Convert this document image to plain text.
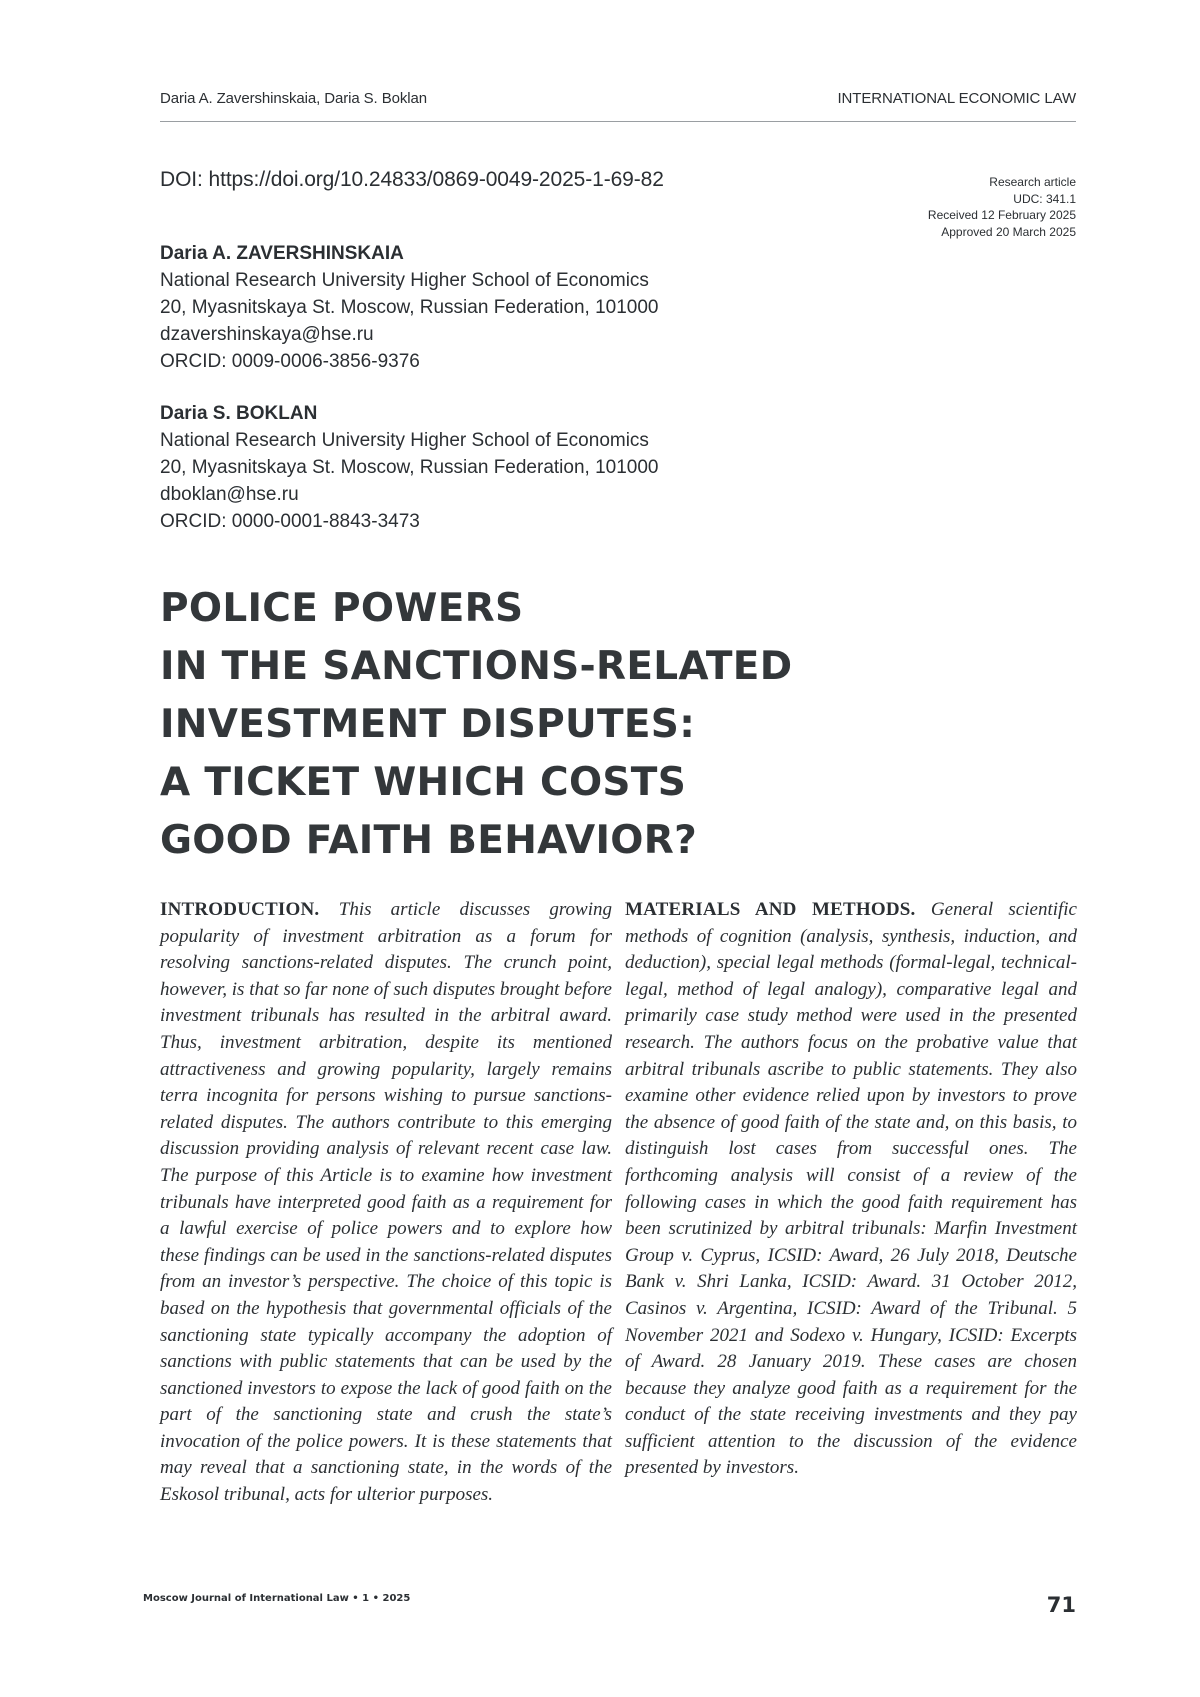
Daria A. Zavershinskaia, Daria S. Boklan	INTERNATIONAL ECONOMIC LAW
DOI: https://doi.org/10.24833/0869-0049-2025-1-69-82	Research article
UDC: 341.1
Received 12 February 2025
Approved 20 March 2025
Daria A. ZAVERSHINSKAIA
National Research University Higher School of Economics
20, Myasnitskaya St. Moscow, Russian Federation, 101000
dzavershinskaya@hse.ru
ORCID: 0009-0006-3856-9376
Daria S. BOKLAN
National Research University Higher School of Economics
20, Myasnitskaya St. Moscow, Russian Federation, 101000
dboklan@hse.ru
ORCID: 0000-0001-8843-3473
POLICE POWERS
IN THE SANCTIONS-RELATED
INVESTMENT DISPUTES:
A TICKET WHICH COSTS
GOOD FAITH BEHAVIOR?
INTRODUCTION. This article discusses growing popularity of investment arbitration as a forum for resolving sanctions-related disputes. The crunch point, however, is that so far none of such disputes brought before investment tribunals has resulted in the arbitral award. Thus, investment arbitration, despite its mentioned attractiveness and growing popularity, largely remains terra incognita for persons wishing to pursue sanctions-related disputes. The authors contribute to this emerging discussion providing analysis of relevant recent case law. The purpose of this Article is to examine how investment tribunals have interpreted good faith as a requirement for a lawful exercise of police powers and to explore how these findings can be used in the sanctions-related disputes from an investor’s perspective. The choice of this topic is based on the hypothesis that governmental officials of the sanctioning state typically accompany the adoption of sanctions with public statements that can be used by the sanctioned investors to expose the lack of good faith on the part of the sanctioning state and crush the state’s invocation of the police powers. It is these statements that may reveal that a sanctioning state, in the words of the Eskosol tribunal, acts for ulterior purposes.
MATERIALS AND METHODS. General scientific methods of cognition (analysis, synthesis, induction, and deduction), special legal methods (formal-legal, technical-legal, method of legal analogy), comparative legal and primarily case study method were used in the presented research. The authors focus on the probative value that arbitral tribunals ascribe to public statements. They also examine other evidence relied upon by investors to prove the absence of good faith of the state and, on this basis, to distinguish lost cases from successful ones. The forthcoming analysis will consist of a review of the following cases in which the good faith requirement has been scrutinized by arbitral tribunals: Marfin Investment Group v. Cyprus, ICSID: Award, 26 July 2018, Deutsche Bank v. Shri Lanka, ICSID: Award. 31 October 2012, Casinos v. Argentina, ICSID: Award of the Tribunal. 5 November 2021 and Sodexo v. Hungary, ICSID: Excerpts of Award. 28 January 2019. These cases are chosen because they analyze good faith as a requirement for the conduct of the state receiving investments and they pay sufficient attention to the discussion of the evidence presented by investors.
Moscow Journal of International Law • 1 • 2025	71
